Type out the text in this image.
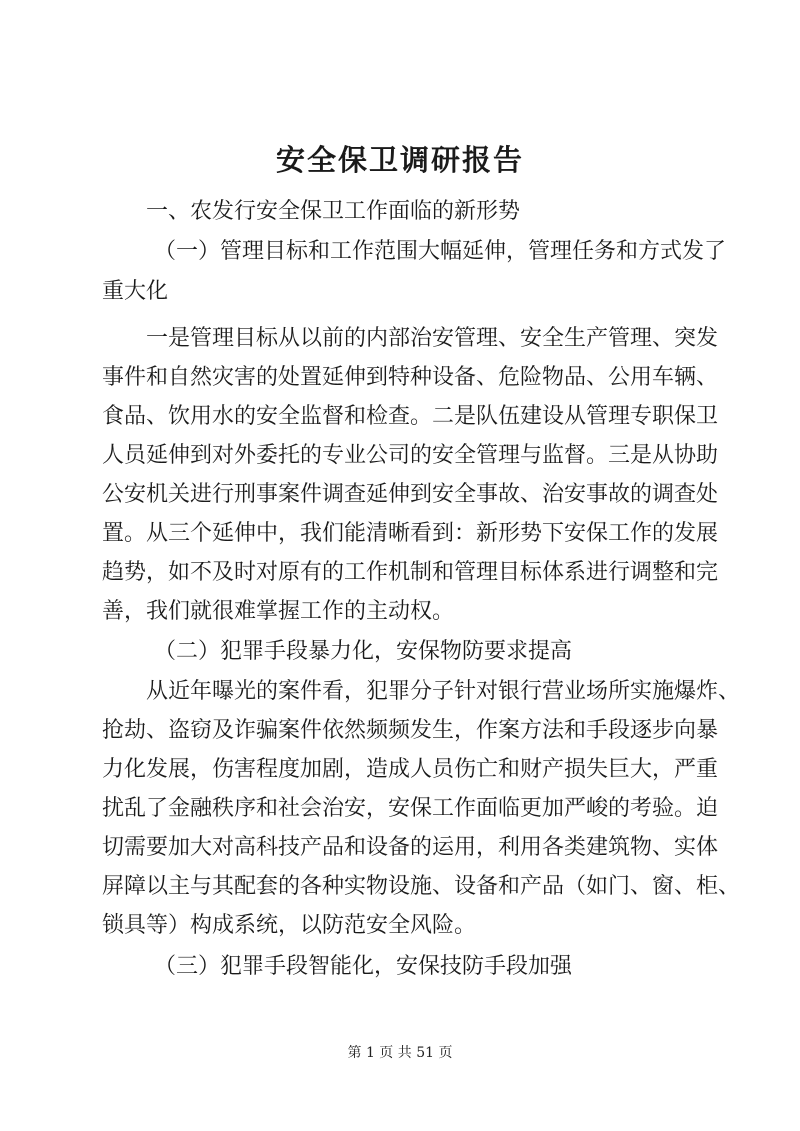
安全保卫调研报告
一、农发行安全保卫工作面临的新形势
（一）管理目标和工作范围大幅延伸，管理任务和方式发了
重大化
一是管理目标从以前的内部治安管理、安全生产管理、突发
事件和自然灾害的处置延伸到特种设备、危险物品、公用车辆、
食品、饮用水的安全监督和检查。二是队伍建设从管理专职保卫
人员延伸到对外委托的专业公司的安全管理与监督。三是从协助
公安机关进行刑事案件调查延伸到安全事故、治安事故的调查处
置。从三个延伸中，我们能清晰看到：新形势下安保工作的发展
趋势，如不及时对原有的工作机制和管理目标体系进行调整和完
善，我们就很难掌握工作的主动权。
（二）犯罪手段暴力化，安保物防要求提高
从近年曝光的案件看，犯罪分子针对银行营业场所实施爆炸、
抢劫、盗窃及诈骗案件依然频频发生，作案方法和手段逐步向暴
力化发展，伤害程度加剧，造成人员伤亡和财产损失巨大，严重
扰乱了金融秩序和社会治安，安保工作面临更加严峻的考验。迫
切需要加大对高科技产品和设备的运用，利用各类建筑物、实体
屏障以主与其配套的各种实物设施、设备和产品（如门、窗、柜、
锁具等）构成系统，以防范安全风险。
（三）犯罪手段智能化，安保技防手段加强
第 1 页 共 51 页
